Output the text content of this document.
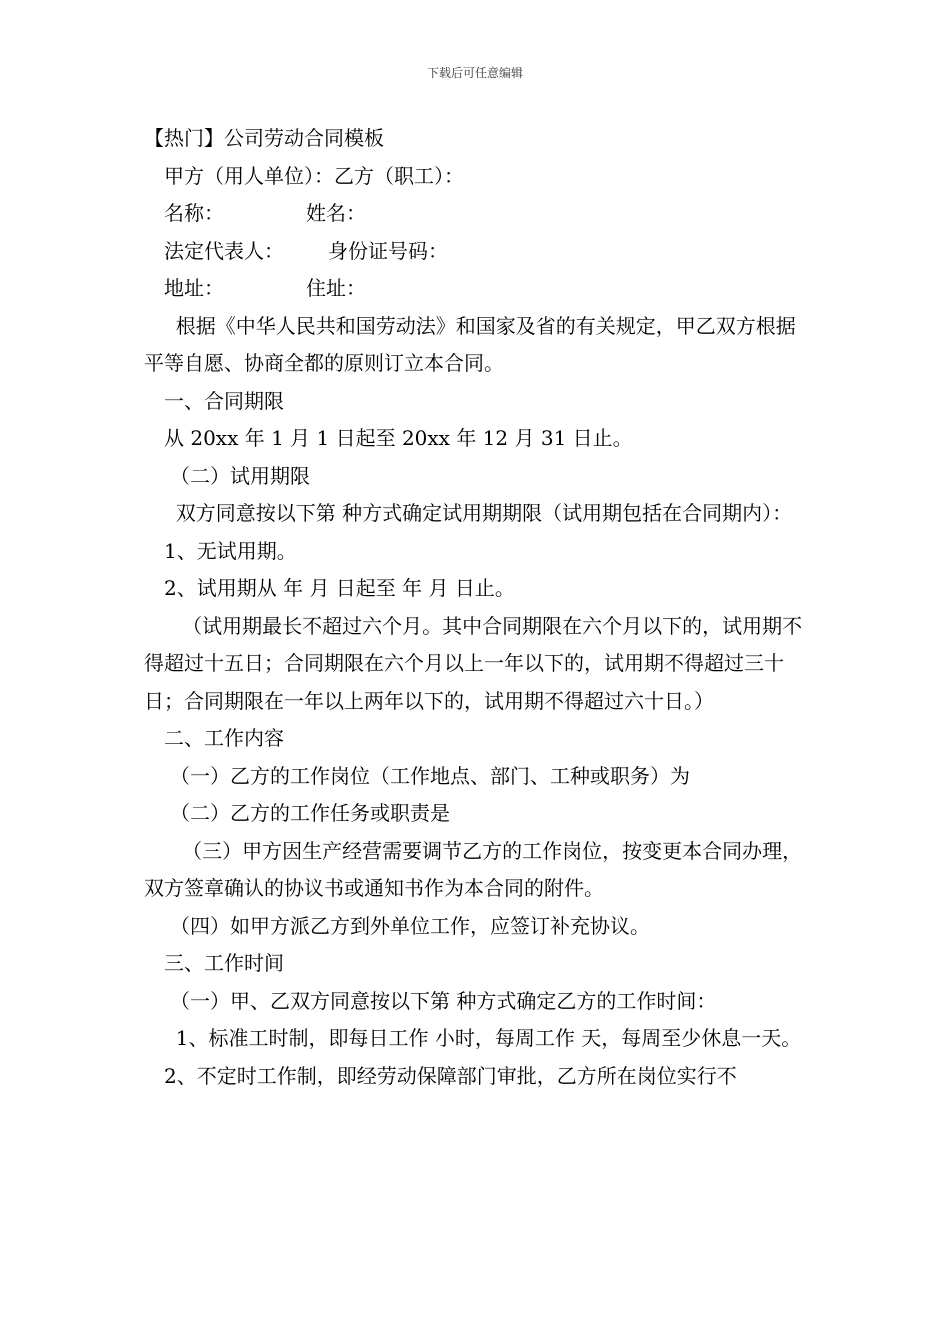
下载后可任意编辑

【热门】公司劳动合同模板

甲方（用人单位）：乙方（职工）：

名称：	姓名：

法定代表人： 身份证号码：

地址：	住址：

根据《中华人民共和国劳动法》和国家及省的有关规定，甲乙双方根据平等自愿、协商全都的原则订立本合同。

一、合同期限

从 20xx 年 1 月 1 日起至 20xx 年 12 月 31 日止。

（二）试用期限

双方同意按以下第 种方式确定试用期期限（试用期包括在合同期内）：

1、无试用期。

2、试用期从 年 月 日起至 年 月 日止。

（试用期最长不超过六个月。其中合同期限在六个月以下的，试用期不得超过十五日；合同期限在六个月以上一年以下的，试用期不得超过三十日；合同期限在一年以上两年以下的，试用期不得超过六十日。）

二、工作内容

（一）乙方的工作岗位（工作地点、部门、工种或职务）为

（二）乙方的工作任务或职责是

（三）甲方因生产经营需要调节乙方的工作岗位，按变更本合同办理，双方签章确认的协议书或通知书作为本合同的附件。

（四）如甲方派乙方到外单位工作，应签订补充协议。

三、工作时间

（一）甲、乙双方同意按以下第 种方式确定乙方的工作时间：

1、标准工时制，即每日工作 小时，每周工作 天，每周至少休息一天。

2、不定时工作制，即经劳动保障部门审批，乙方所在岗位实行不
